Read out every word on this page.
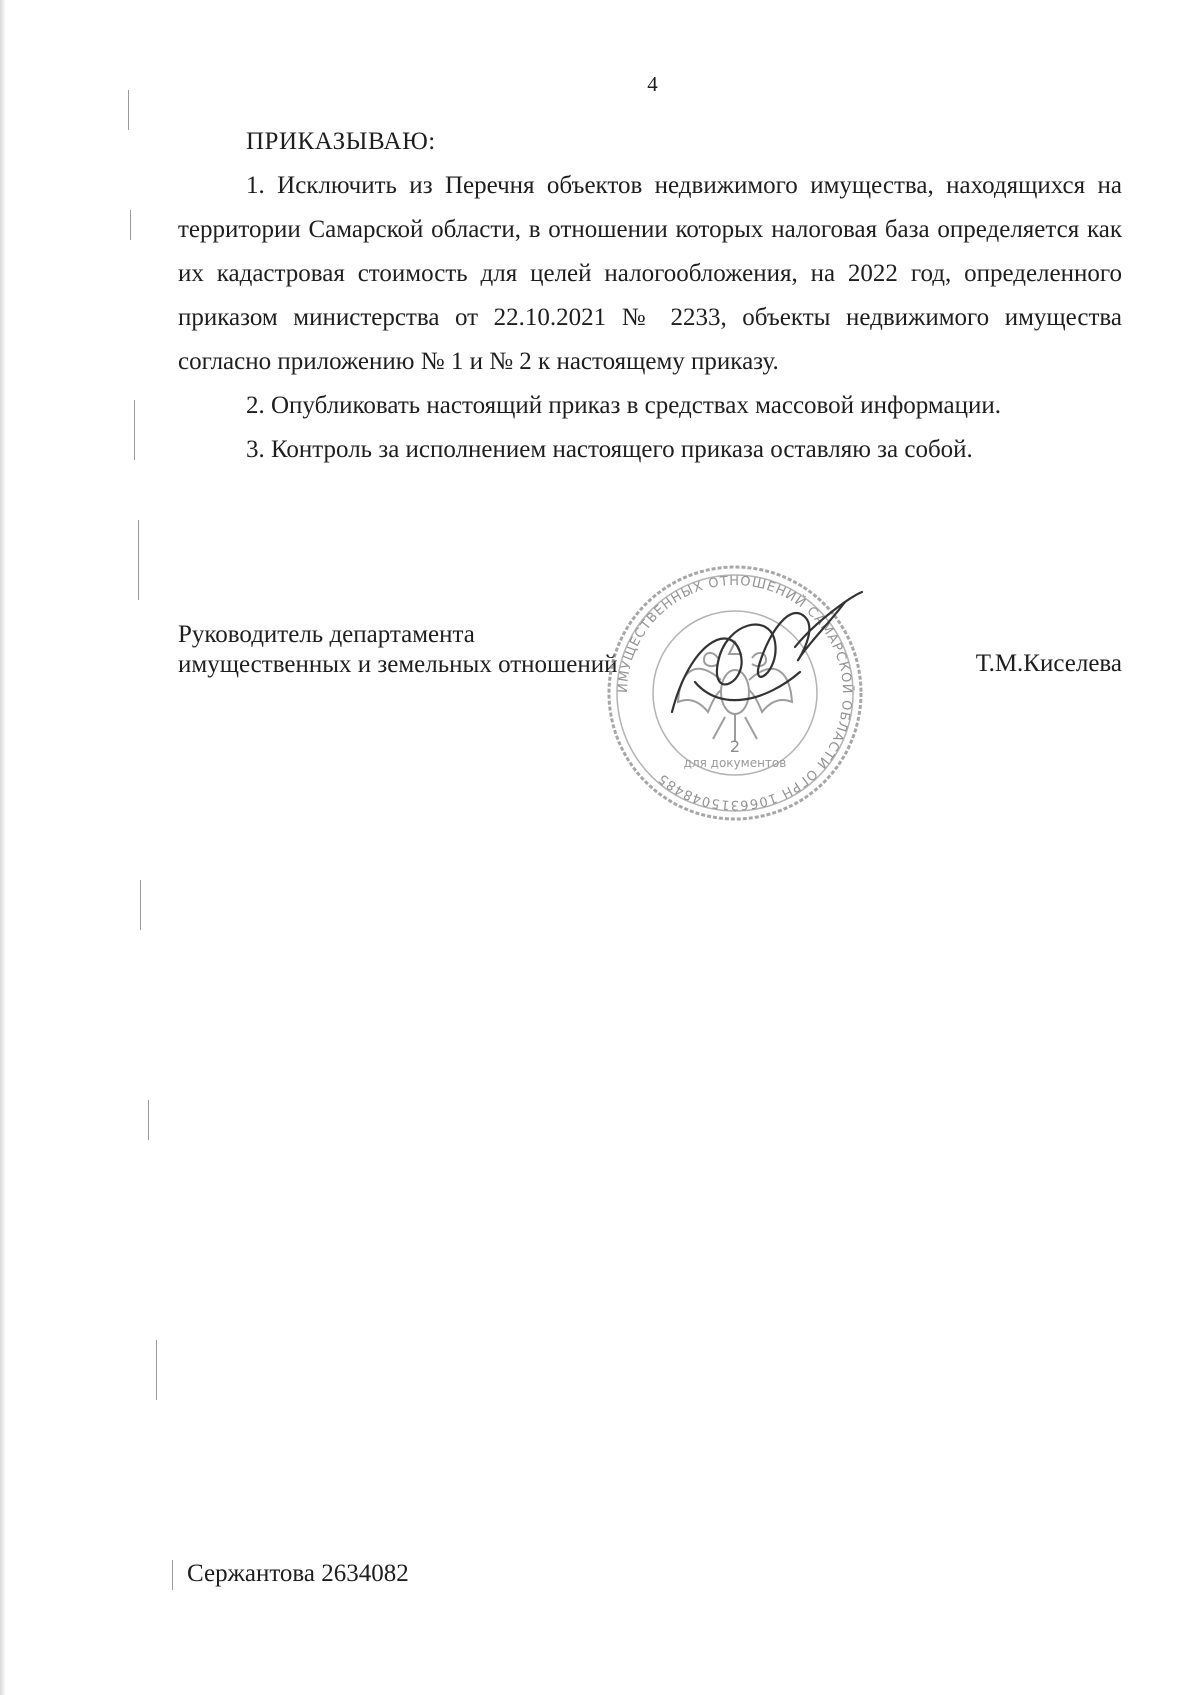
4

ПРИКАЗЫВАЮ:

1. Исключить из Перечня объектов недвижимого имущества, находящихся на территории Самарской области, в отношении которых налоговая база определяется как их кадастровая стоимость для целей налогообложения, на 2022 год, определенного приказом министерства от 22.10.2021 № 2233, объекты недвижимого имущества согласно приложению № 1 и № 2 к настоящему приказу.

2. Опубликовать настоящий приказ в средствах массовой информации.

3. Контроль за исполнением настоящего приказа оставляю за собой.

Руководитель департамента
имущественных и земельных отношений
ИМУЩЕСТВЕННЫХ ОТНОШЕНИЙ САМАРСКОЙ ОБЛАСТИ ОГРН 1066315048485
для документов
2
Т.М.Киселева
Сержантова 2634082
